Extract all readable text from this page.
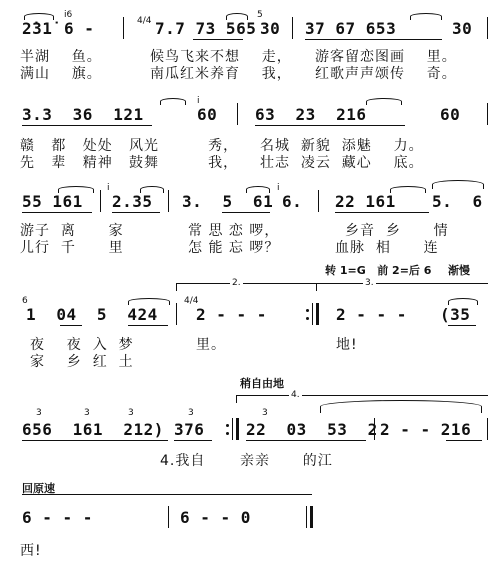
2̇31̇
i6
6 -	4/4 7.7 73 565
5
30 37 67 653	30
半湖    鱼。	候鸟飞来不想    走， 游客留恋图画    里。
满山    旗。	南瓜红米养育    我， 红歌声声颂传    奇。
3.3  36  121
i
60 63  23  216	60
赣   都   处处   风光         秀， 名城  新貌  添魅    力。
先   辈   精神   鼓舞         我， 壮志  凌云  藏心    底。
55 161
i
2.35 3.  5  61
i
6. 22 161 5.  6
游子  离      家	常 思 恋 啰，	乡音  乡      情
儿行  千      里	怎 能 忘 啰？	血脉  相      连
转 1=G   前 2=后 6 渐慢
2.	3.
6
1  04  5  424
4/4
2 - - -	2 - - - (35
夜    夜  入  梦	里。	地!
家    乡  红  土
稍自由地
4.
3	3	3	3	3
656  161  212) 376	22  03  53  2 2 - - 216
4.我自 亲亲      的江
回原速
6 - - -	6 - - 0
西!
